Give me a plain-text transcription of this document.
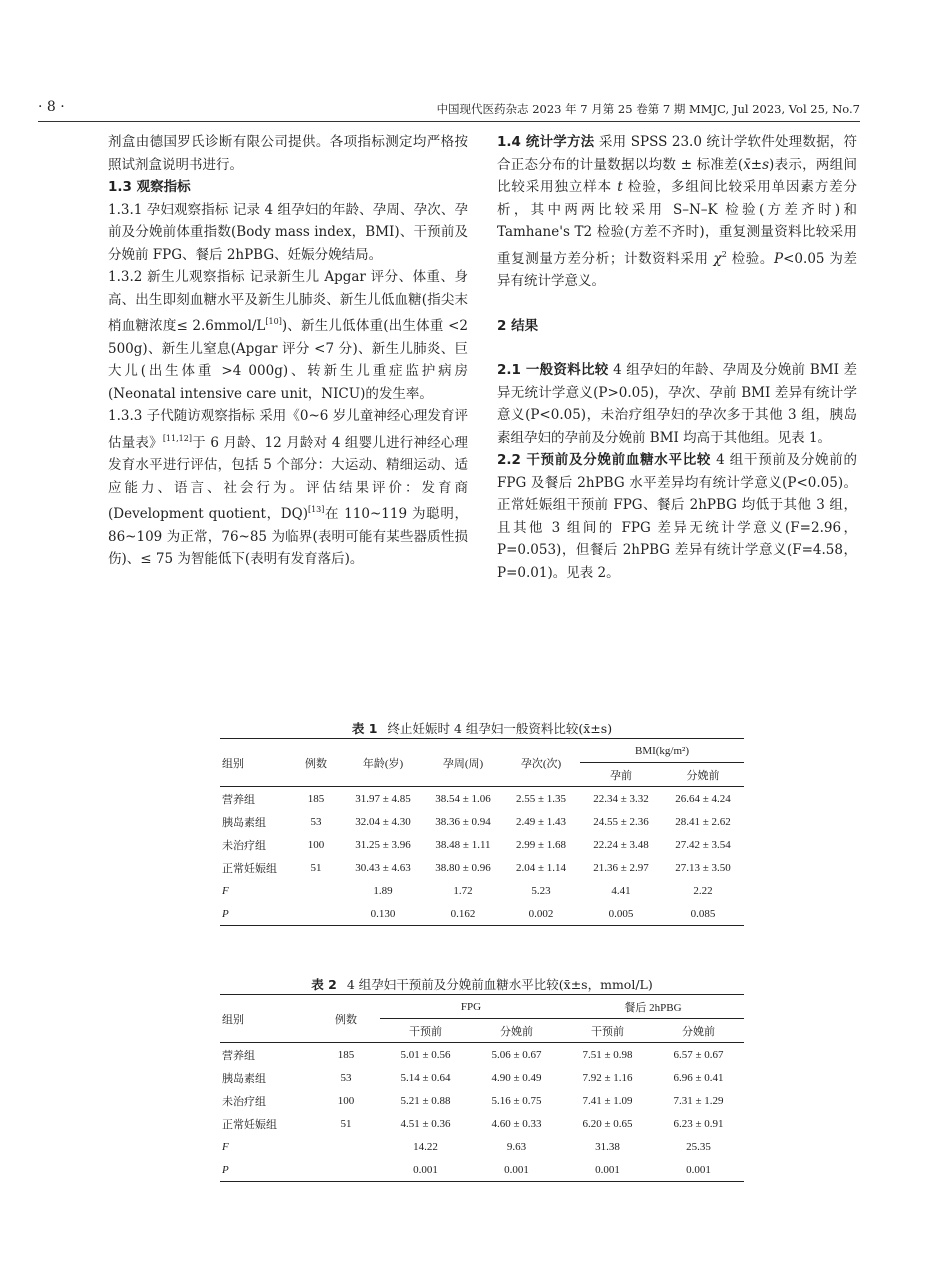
· 8 ·	中国现代医药杂志 2023 年 7 月第 25 卷第 7 期 MMJC, Jul 2023, Vol 25, No.7

剂盒由德国罗氏诊断有限公司提供。各项指标测定均严格按照试剂盒说明书进行。

1.3 观察指标

1.3.1 孕妇观察指标 记录 4 组孕妇的年龄、孕周、孕次、孕前及分娩前体重指数(Body mass index，BMI)、干预前及分娩前 FPG、餐后 2hPBG、妊娠分娩结局。

1.3.2 新生儿观察指标 记录新生儿 Apgar 评分、体重、身高、出生即刻血糖水平及新生儿肺炎、新生儿低血糖(指尖末梢血糖浓度≤ 2.6mmol/L[10])、新生儿低体重(出生体重 <2 500g)、新生儿窒息(Apgar 评分 <7 分)、新生儿肺炎、巨大儿(出生体重 >4 000g)、转新生儿重症监护病房(Neonatal intensive care unit，NICU)的发生率。

1.3.3 子代随访观察指标 采用《0~6 岁儿童神经心理发育评估量表》[11,12]于 6 月龄、12 月龄对 4 组婴儿进行神经心理发育水平进行评估，包括 5 个部分：大运动、精细运动、适应能力、语言、社会行为。评估结果评价：发育商(Development quotient，DQ)[13]在 110~119 为聪明，86~109 为正常，76~85 为临界(表明可能有某些器质性损伤)、≤ 75 为智能低下(表明有发育落后)。

1.4 统计学方法 采用 SPSS 23.0 统计学软件处理数据，符合正态分布的计量数据以均数 ± 标准差(x̄±s)表示，两组间比较采用独立样本 t 检验，多组间比较采用单因素方差分析，其中两两比较采用 S–N–K 检验(方差齐时)和 Tamhane's T2 检验(方差不齐时)，重复测量资料比较采用重复测量方差分析；计数资料采用 $\chi^2$ 检验。P<0.05 为差异有统计学意义。

2 结果

2.1 一般资料比较 4 组孕妇的年龄、孕周及分娩前 BMI 差异无统计学意义(P>0.05)，孕次、孕前 BMI 差异有统计学意义(P<0.05)，未治疗组孕妇的孕次多于其他 3 组，胰岛素组孕妇的孕前及分娩前 BMI 均高于其他组。见表 1。

2.2 干预前及分娩前血糖水平比较 4 组干预前及分娩前的 FPG 及餐后 2hPBG 水平差异均有统计学意义(P<0.05)。正常妊娠组干预前 FPG、餐后 2hPBG 均低于其他 3 组，且其他 3 组间的 FPG 差异无统计学意义(F=2.96，P=0.053)，但餐后 2hPBG 差异有统计学意义(F=4.58，P=0.01)。见表 2。

表 1 终止妊娠时 4 组孕妇一般资料比较(x̄±s)
组别	例数	年龄(岁)	孕周(周)	孕次(次)	BMI(kg/m²)	
					孕前	分娩前
营养组	185	31.97 ± 4.85	38.54 ± 1.06	2.55 ± 1.35	22.34 ± 3.32	26.64 ± 4.24
胰岛素组	53	32.04 ± 4.30	38.36 ± 0.94	2.49 ± 1.43	24.55 ± 2.36	28.41 ± 2.62
未治疗组	100	31.25 ± 3.96	38.48 ± 1.11	2.99 ± 1.68	22.24 ± 3.48	27.42 ± 3.54
正常妊娠组	51	30.43 ± 4.63	38.80 ± 0.96	2.04 ± 1.14	21.36 ± 2.97	27.13 ± 3.50
F		1.89	1.72	5.23	4.41	2.22
P		0.130	0.162	0.002	0.005	0.085
表 2 4 组孕妇干预前及分娩前血糖水平比较(x̄±s，mmol/L)
组别	例数	FPG		餐后 2hPBG	
		干预前	分娩前	干预前	分娩前
营养组	185	5.01 ± 0.56	5.06 ± 0.67	7.51 ± 0.98	6.57 ± 0.67
胰岛素组	53	5.14 ± 0.64	4.90 ± 0.49	7.92 ± 1.16	6.96 ± 0.41
未治疗组	100	5.21 ± 0.88	5.16 ± 0.75	7.41 ± 1.09	7.31 ± 1.29
正常妊娠组	51	4.51 ± 0.36	4.60 ± 0.33	6.20 ± 0.65	6.23 ± 0.91
F		14.22	9.63	31.38	25.35
P		0.001	0.001	0.001	0.001
